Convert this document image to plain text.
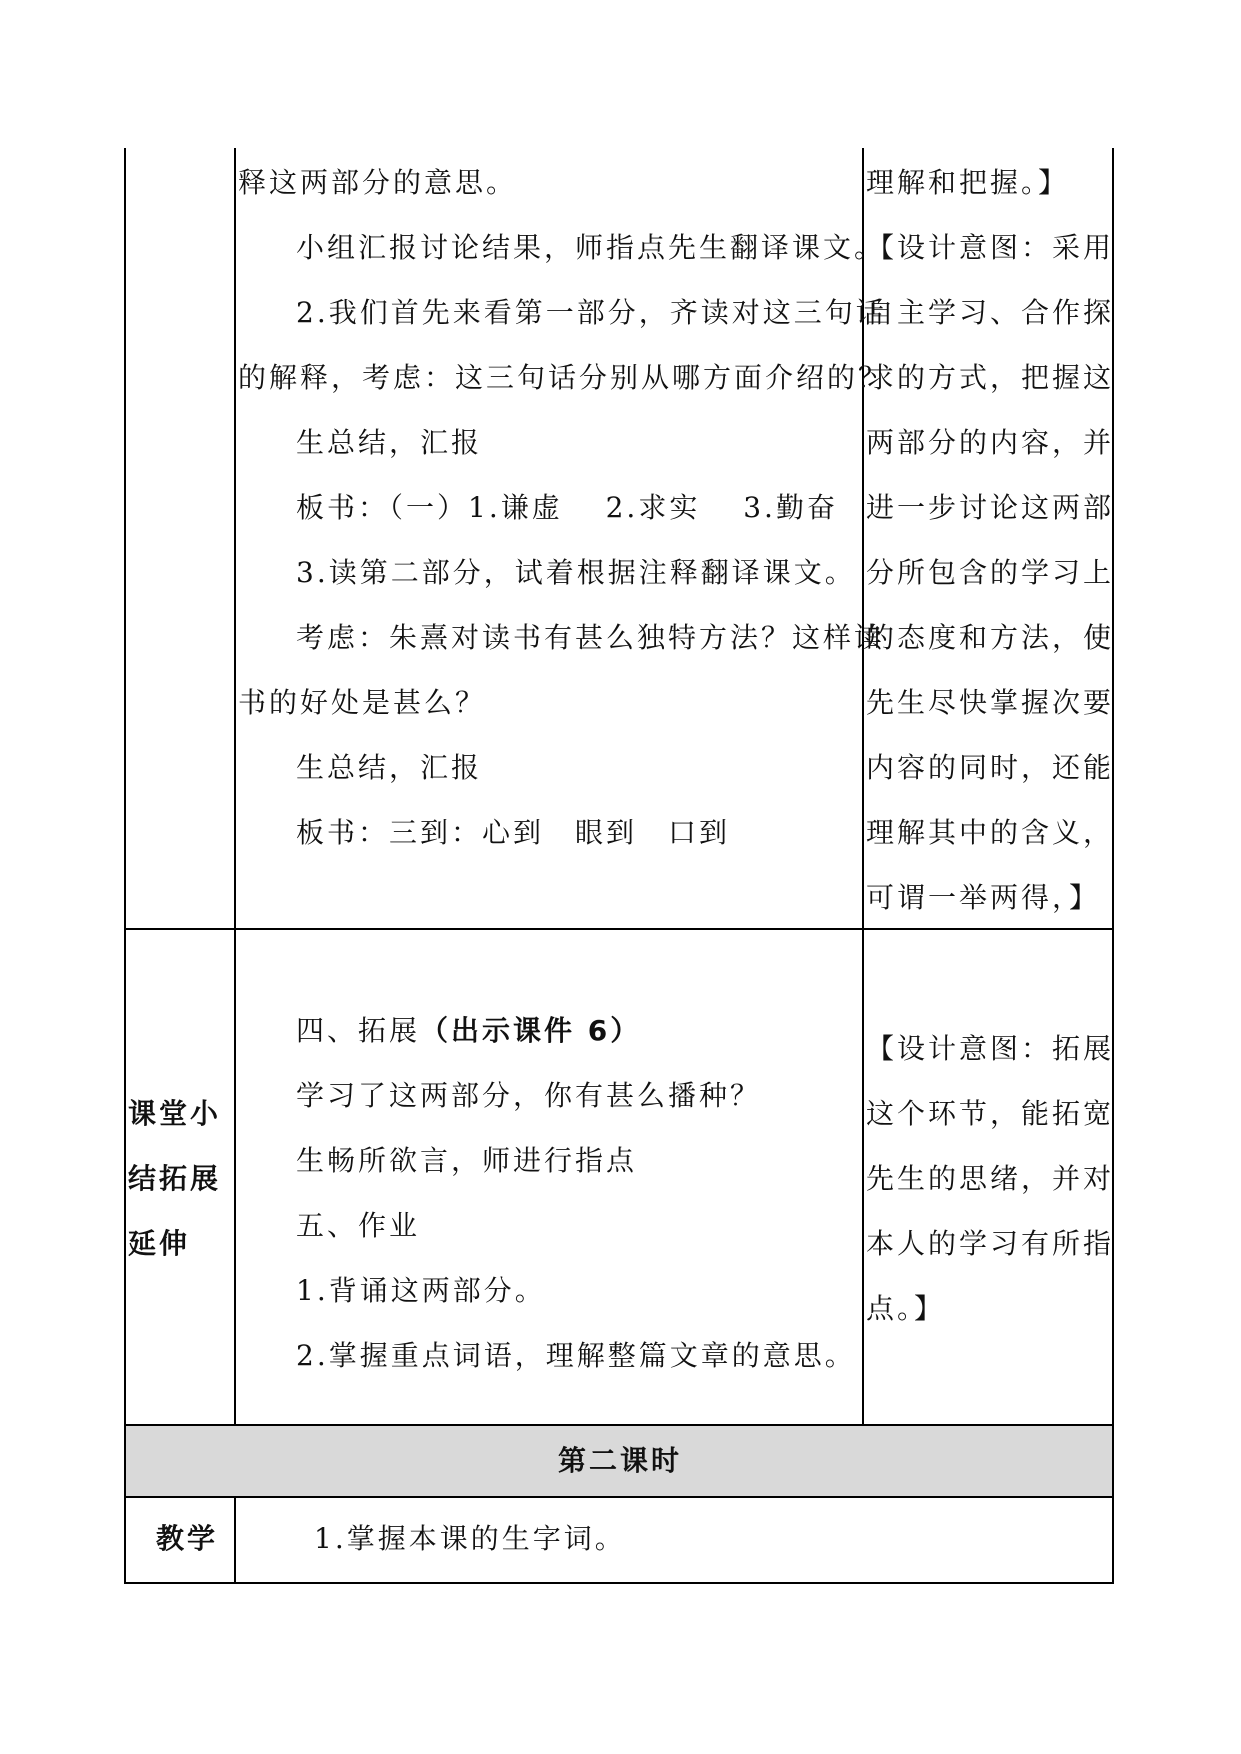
释这两部分的意思。
小组汇报讨论结果，师指点先生翻译课文。
2.我们首先来看第一部分，齐读对这三句话
的解释，考虑：这三句话分别从哪方面介绍的？
生总结，汇报
板书：（一）1.谦虚　 2.求实　 3.勤奋
3.读第二部分，试着根据注释翻译课文。
考虑：朱熹对读书有甚么独特方法？这样读
书的好处是甚么？
生总结，汇报
板书：三到：心到　眼到　口到
理解和把握。】
【设计意图：采用
自主学习、合作探
求的方式，把握这
两部分的内容，并
进一步讨论这两部
分所包含的学习上
的态度和方法，使
先生尽快掌握次要
内容的同时，还能
理解其中的含义，
可谓一举两得，】
课堂小
结拓展
延伸
四、拓展（出示课件 6）
学习了这两部分，你有甚么播种？
生畅所欲言，师进行指点
五、作业
1.背诵这两部分。
2.掌握重点词语，理解整篇文章的意思。
【设计意图：拓展
这个环节，能拓宽
先生的思绪，并对
本人的学习有所指
点。】
第二课时
教学	1.掌握本课的生字词。
